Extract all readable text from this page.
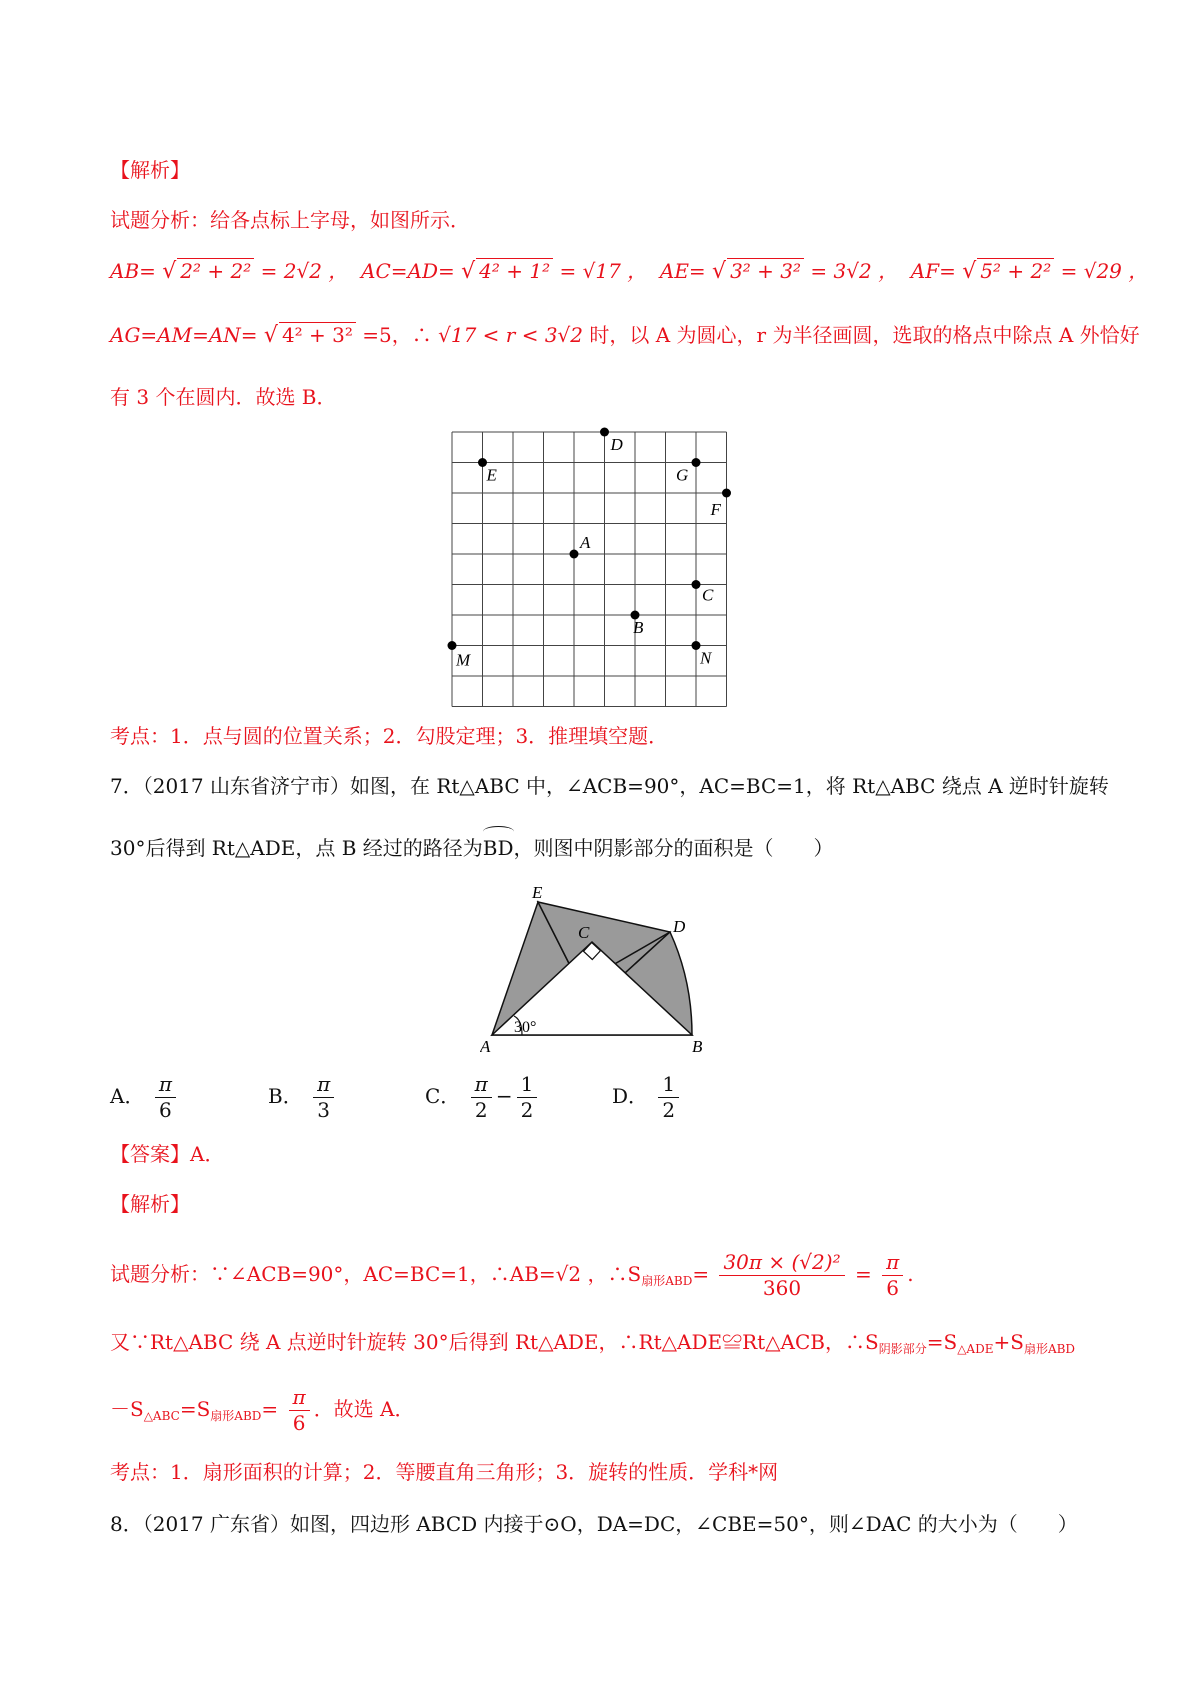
【解析】
试题分析：给各点标上字母，如图所示．
AB= √ 2² + 2² = 2√2 ， AC=AD= √ 4² + 1² = √17 ， AE= √ 3² + 3² = 3√2 ， AF= √ 5² + 2² = √29 ，
AG=AM=AN= √ 4² + 3² =5，∴ √17 < r < 3√2 时，以 A 为圆心，r 为半径画圆，选取的格点中除点 A 外恰好
有 3 个在圆内．故选 B．
D
E	G
F
A
C
B
M	N
考点：1．点与圆的位置关系；2．勾股定理；3．推理填空题．
7．（2017 山东省济宁市）如图，在 Rt△ABC 中，∠ACB=90°，AC=BC=1，将 Rt△ABC 绕点 A 逆时针旋转
30°后得到 Rt△ADE，点 B 经过的路径为BD，则图中阴影部分的面积是（　　）
E
C	D
A	B
30°
A． $\frac{\pi}{6}$	B． $\frac{\pi}{3}$	C． $\frac{\pi}{2} - \frac{1}{2}$	D． $\frac{1}{2}$
【答案】A．
【解析】
试题分析：∵∠ACB=90°，AC=BC=1，∴AB=√2 ，$\therefore S_{扇形ABD}= \frac{\text{30π × (√2)²}}{360} = \frac{\pi}{6}$ .
又∵Rt△ABC 绕 A 点逆时针旋转 30°后得到 Rt△ADE，∴Rt△ADE≌Rt△ACB，$\therefore S_{阴影部分}=S_{\triangle ADE}+S_{扇形ABD}$
$-S_{\triangle ABC}=S_{扇形ABD}= \frac{\pi}{6}$ ．故选 A．
考点：1．扇形面积的计算；2．等腰直角三角形；3．旋转的性质．学科*网
8．（2017 广东省）如图，四边形 ABCD 内接于⊙O，DA=DC，∠CBE=50°，则∠DAC 的大小为（　　）
